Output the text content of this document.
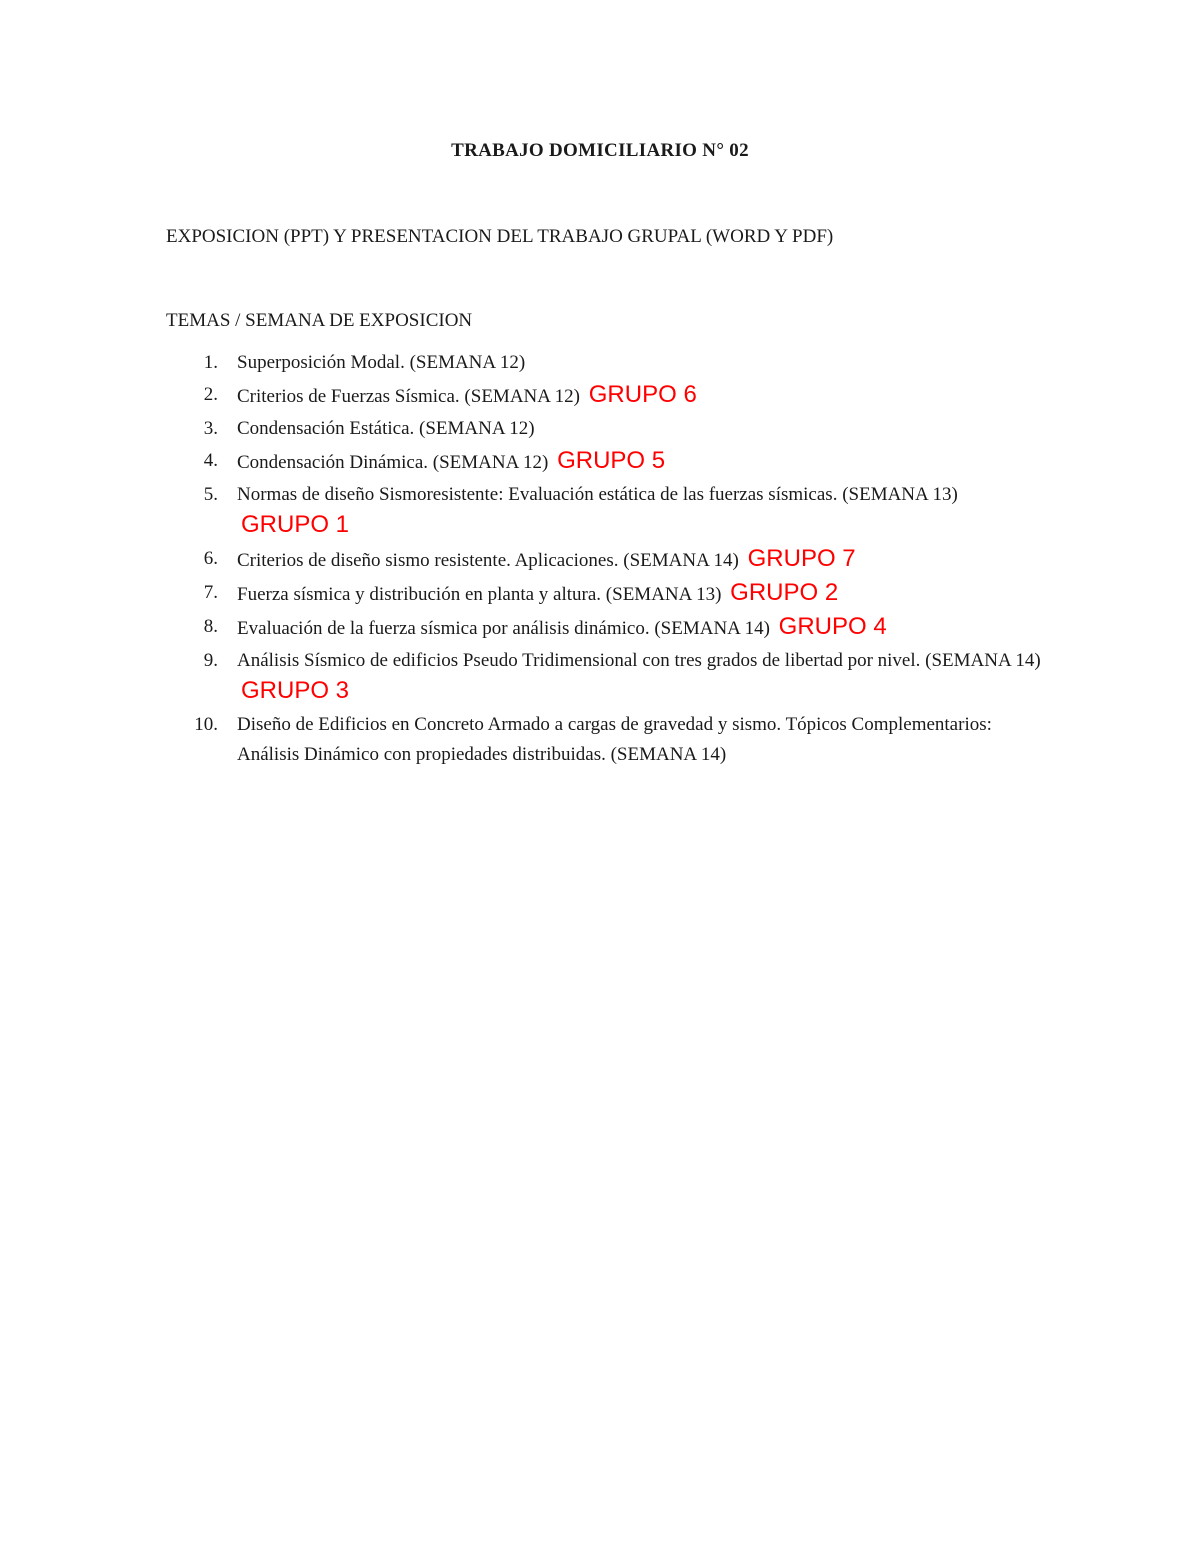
TRABAJO DOMICILIARIO N° 02
EXPOSICION (PPT) Y PRESENTACION DEL TRABAJO GRUPAL (WORD Y PDF)
TEMAS / SEMANA DE EXPOSICION
1. Superposición Modal. (SEMANA 12)
2. Criterios de Fuerzas Sísmica. (SEMANA 12) GRUPO 6
3. Condensación Estática. (SEMANA 12)
4. Condensación Dinámica. (SEMANA 12) GRUPO 5
5. Normas de diseño Sismoresistente: Evaluación estática de las fuerzas sísmicas. (SEMANA 13) GRUPO 1
6. Criterios de diseño sismo resistente. Aplicaciones. (SEMANA 14) GRUPO 7
7. Fuerza sísmica y distribución en planta y altura. (SEMANA 13) GRUPO 2
8. Evaluación de la fuerza sísmica por análisis dinámico. (SEMANA 14) GRUPO 4
9. Análisis Sísmico de edificios Pseudo Tridimensional con tres grados de libertad por nivel. (SEMANA 14) GRUPO 3
10. Diseño de Edificios en Concreto Armado a cargas de gravedad y sismo. Tópicos Complementarios: Análisis Dinámico con propiedades distribuidas. (SEMANA 14)
